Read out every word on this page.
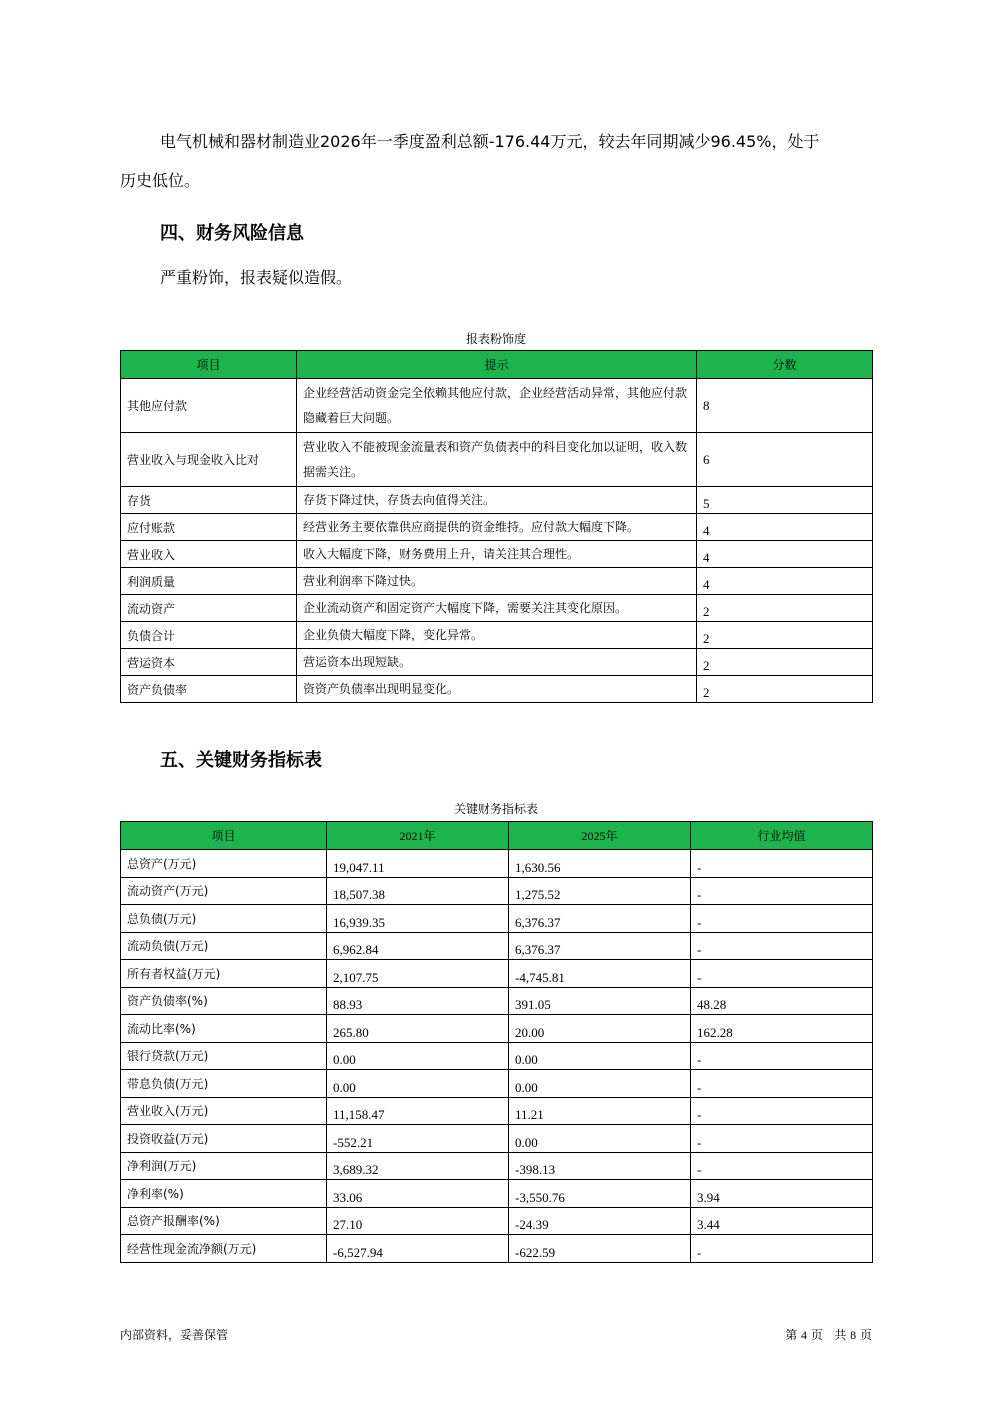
电气机械和器材制造业2026年一季度盈利总额-176.44万元，较去年同期减少96.45%，处于
历史低位。
四、财务风险信息
严重粉饰，报表疑似造假。
报表粉饰度
项目	提示	分数
其他应付款	企业经营活动资金完全依赖其他应付款，企业经营活动异常，其他应付款隐藏着巨大问题。	8
营业收入与现金收入比对	营业收入不能被现金流量表和资产负债表中的科目变化加以证明，收入数据需关注。	6
存货	存货下降过快，存货去向值得关注。	5
应付账款	经营业务主要依靠供应商提供的资金维持。应付款大幅度下降。	4
营业收入	收入大幅度下降，财务费用上升，请关注其合理性。	4
利润质量	营业利润率下降过快。	4
流动资产	企业流动资产和固定资产大幅度下降，需要关注其变化原因。	2
负债合计	企业负债大幅度下降，变化异常。	2
营运资本	营运资本出现短缺。	2
资产负债率	资资产负债率出现明显变化。	2
五、关键财务指标表
关键财务指标表
项目	2021年	2025年	行业均值
总资产(万元)	19,047.11	1,630.56	-
流动资产(万元)	18,507.38	1,275.52	-
总负债(万元)	16,939.35	6,376.37	-
流动负债(万元)	6,962.84	6,376.37	-
所有者权益(万元)	2,107.75	-4,745.81	-
资产负债率(%)	88.93	391.05	48.28
流动比率(%)	265.80	20.00	162.28
银行贷款(万元)	0.00	0.00	-
带息负债(万元)	0.00	0.00	-
营业收入(万元)	11,158.47	11.21	-
投资收益(万元)	-552.21	0.00	-
净利润(万元)	3,689.32	-398.13	-
净利率(%)	33.06	-3,550.76	3.94
总资产报酬率(%)	27.10	-24.39	3.44
经营性现金流净额(万元)	-6,527.94	-622.59	-
内部资料，妥善保管	第 4 页   共 8 页
